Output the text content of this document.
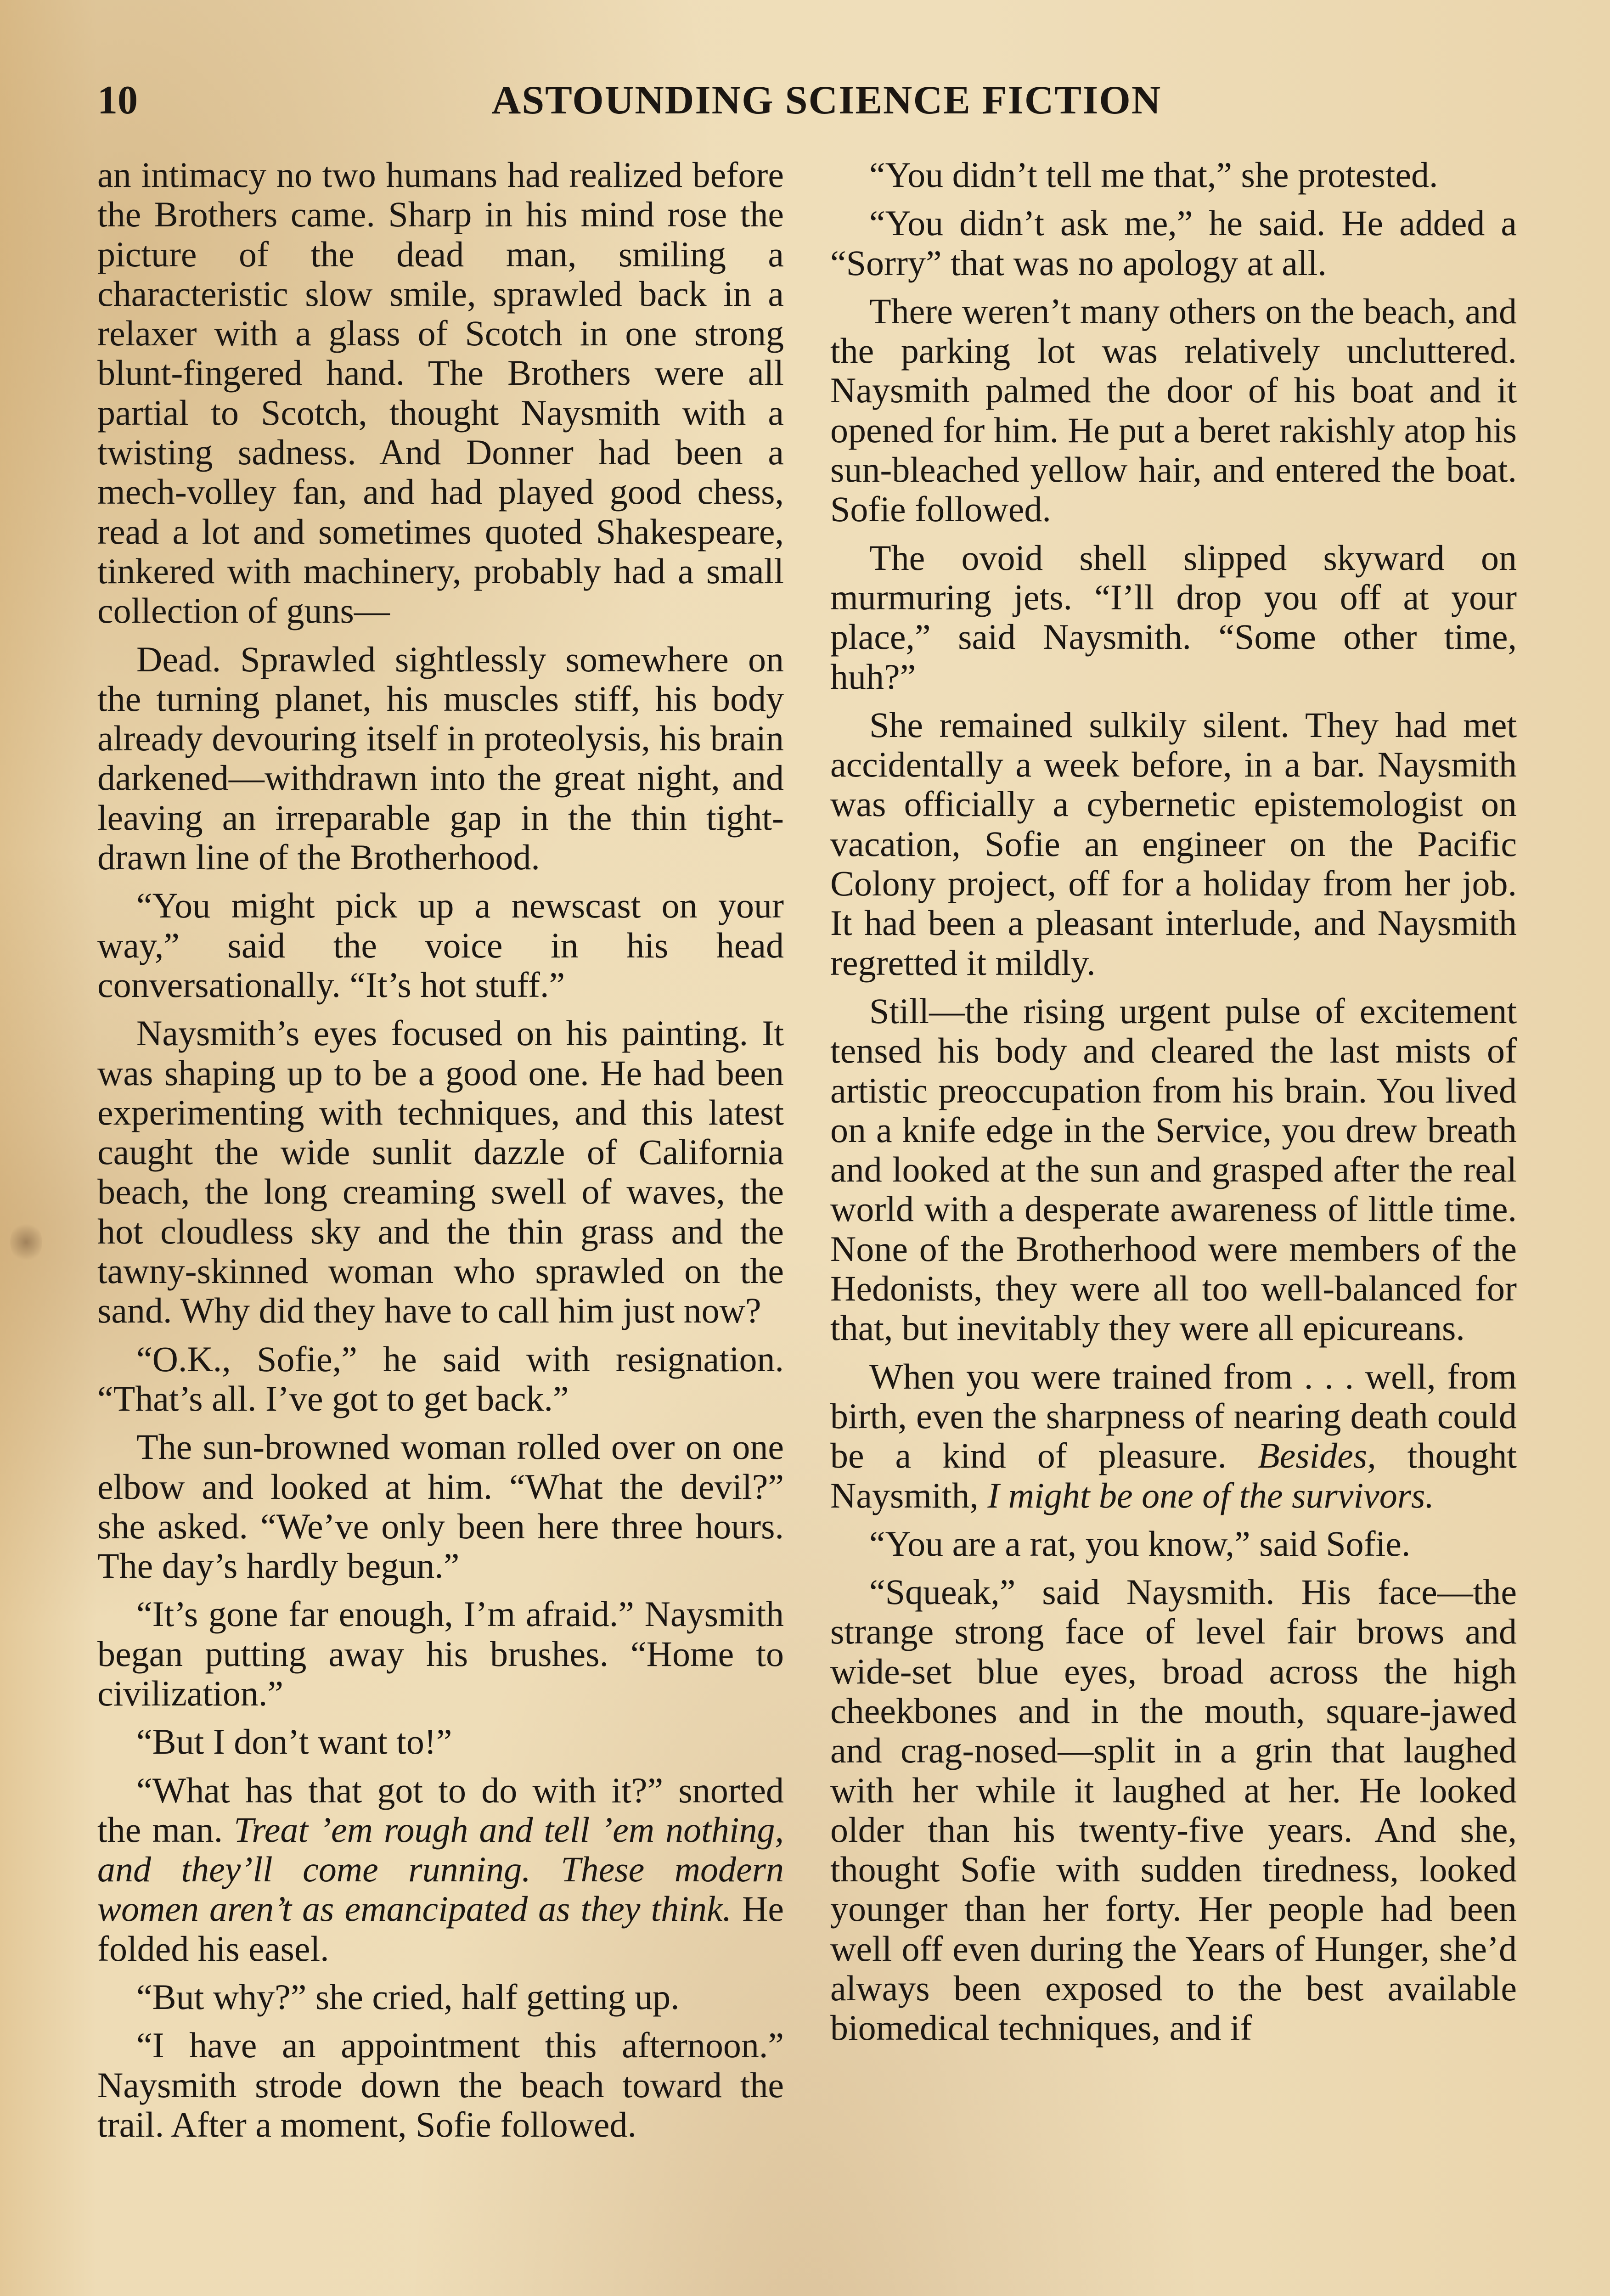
10	ASTOUNDING SCIENCE FICTION

an intimacy no two humans had realized before the Brothers came. Sharp in his mind rose the picture of the dead man, smiling a characteristic slow smile, sprawled back in a relaxer with a glass of Scotch in one strong blunt-fingered hand. The Brothers were all partial to Scotch, thought Naysmith with a twisting sadness. And Donner had been a mech-volley fan, and had played good chess, read a lot and sometimes quoted Shakespeare, tinkered with machinery, probably had a small collection of guns—

Dead. Sprawled sightlessly somewhere on the turning planet, his muscles stiff, his body already devouring itself in proteolysis, his brain darkened—withdrawn into the great night, and leaving an irreparable gap in the thin tight-drawn line of the Brotherhood.

“You might pick up a newscast on your way,” said the voice in his head conversationally. “It’s hot stuff.”

Naysmith’s eyes focused on his painting. It was shaping up to be a good one. He had been experimenting with techniques, and this latest caught the wide sunlit dazzle of California beach, the long creaming swell of waves, the hot cloudless sky and the thin grass and the tawny-skinned woman who sprawled on the sand. Why did they have to call him just now?

“O.K., Sofie,” he said with resignation. “That’s all. I’ve got to get back.”

The sun-browned woman rolled over on one elbow and looked at him. “What the devil?” she asked. “We’ve only been here three hours. The day’s hardly begun.”

“It’s gone far enough, I’m afraid.” Naysmith began putting away his brushes. “Home to civilization.”

“But I don’t want to!”

“What has that got to do with it?” snorted the man. Treat ’em rough and tell ’em nothing, and they’ll come running. These modern women aren’t as emancipated as they think. He folded his easel.

“But why?” she cried, half getting up.

“I have an appointment this afternoon.” Naysmith strode down the beach toward the trail. After a moment, Sofie followed.

“You didn’t tell me that,” she protested.

“You didn’t ask me,” he said. He added a “Sorry” that was no apology at all.

There weren’t many others on the beach, and the parking lot was relatively uncluttered. Naysmith palmed the door of his boat and it opened for him. He put a beret rakishly atop his sun-bleached yellow hair, and entered the boat. Sofie followed.

The ovoid shell slipped skyward on murmuring jets. “I’ll drop you off at your place,” said Naysmith. “Some other time, huh?”

She remained sulkily silent. They had met accidentally a week before, in a bar. Naysmith was officially a cybernetic epistemologist on vacation, Sofie an engineer on the Pacific Colony project, off for a holiday from her job. It had been a pleasant interlude, and Naysmith regretted it mildly.

Still—the rising urgent pulse of excitement tensed his body and cleared the last mists of artistic preoccupation from his brain. You lived on a knife edge in the Service, you drew breath and looked at the sun and grasped after the real world with a desperate awareness of little time. None of the Brotherhood were members of the Hedonists, they were all too well-balanced for that, but inevitably they were all epicureans.

When you were trained from . . . well, from birth, even the sharpness of nearing death could be a kind of pleasure. Besides, thought Naysmith, I might be one of the survivors.

“You are a rat, you know,” said Sofie.

“Squeak,” said Naysmith. His face—the strange strong face of level fair brows and wide-set blue eyes, broad across the high cheekbones and in the mouth, square-jawed and crag-nosed—split in a grin that laughed with her while it laughed at her. He looked older than his twenty-five years. And she, thought Sofie with sudden tiredness, looked younger than her forty. Her people had been well off even during the Years of Hunger, she’d always been exposed to the best available biomedical techniques, and if
